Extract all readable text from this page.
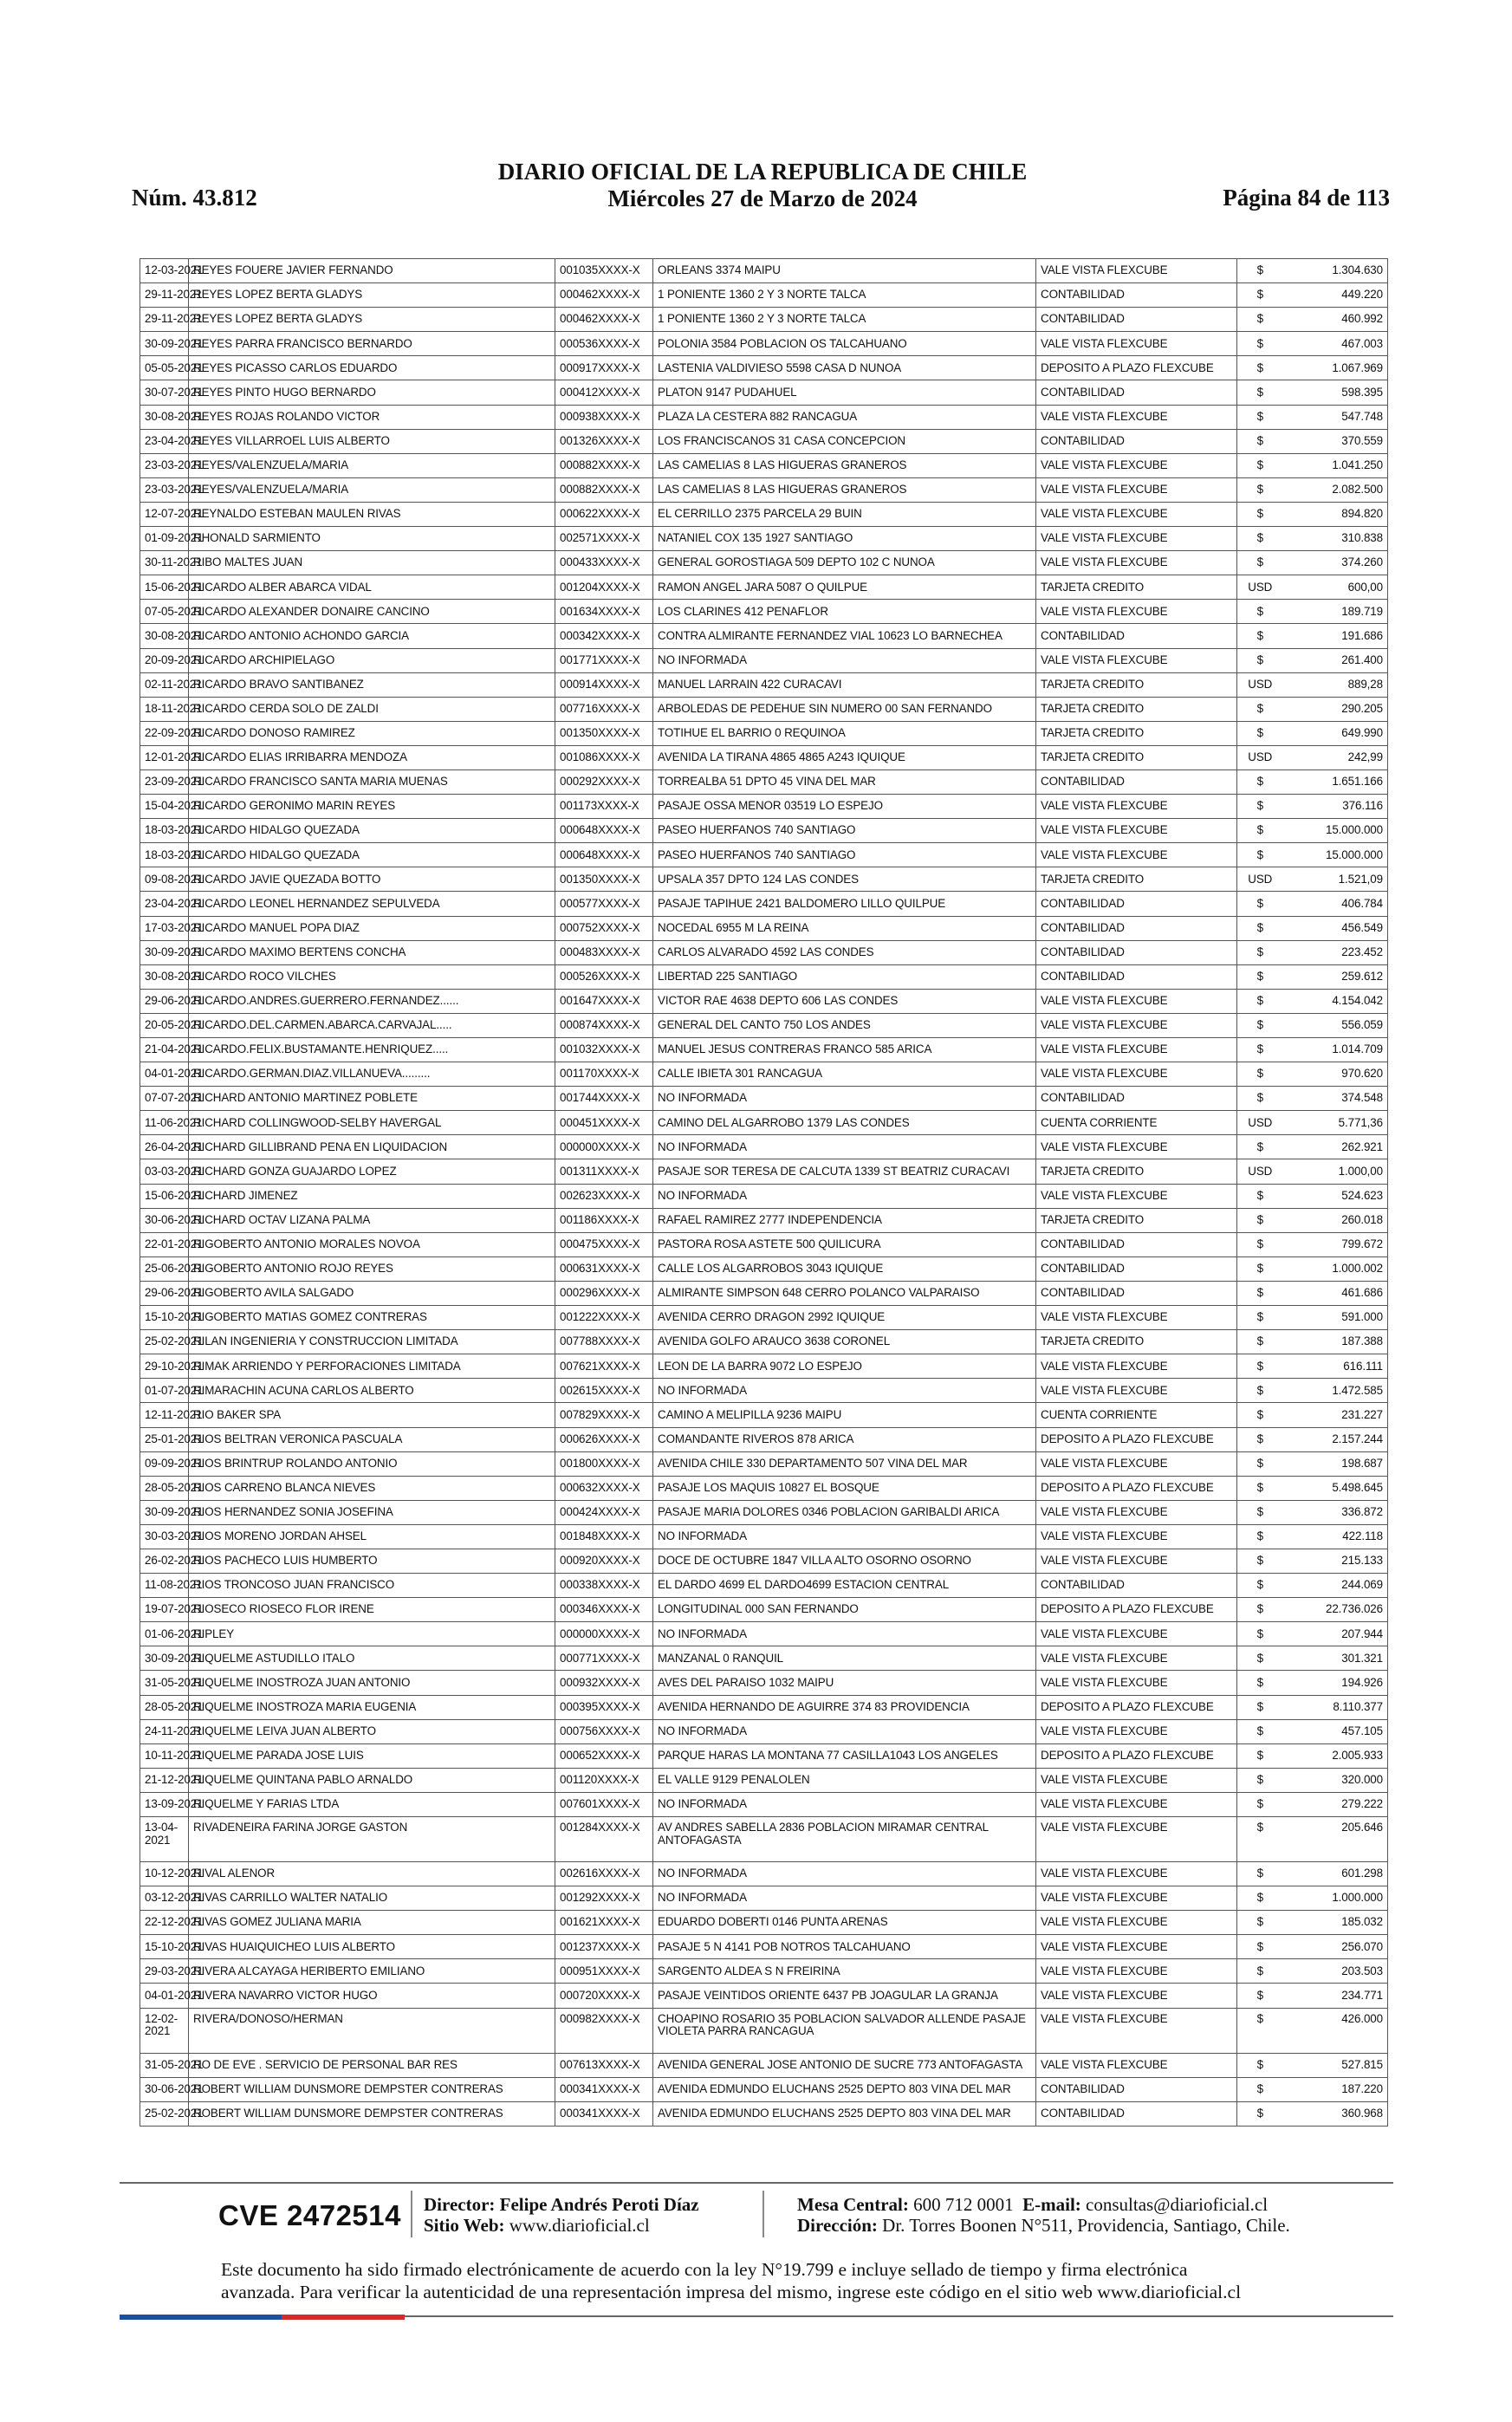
Núm. 43.812
DIARIO OFICIAL DE LA REPUBLICA DE CHILE
Miércoles 27 de Marzo de 2024	Página 84 de 113
12-03-2021	REYES FOUERE JAVIER FERNANDO	001035XXXX-X	ORLEANS 3374 MAIPU	VALE VISTA FLEXCUBE	$	1.304.630
29-11-2021	REYES LOPEZ BERTA GLADYS	000462XXXX-X	1 PONIENTE 1360 2 Y 3 NORTE TALCA	CONTABILIDAD	$	449.220
29-11-2021	REYES LOPEZ BERTA GLADYS	000462XXXX-X	1 PONIENTE 1360 2 Y 3 NORTE TALCA	CONTABILIDAD	$	460.992
30-09-2021	REYES PARRA FRANCISCO BERNARDO	000536XXXX-X	POLONIA 3584 POBLACION OS TALCAHUANO	VALE VISTA FLEXCUBE	$	467.003
05-05-2021	REYES PICASSO CARLOS EDUARDO	000917XXXX-X	LASTENIA VALDIVIESO 5598 CASA D NUNOA	DEPOSITO A PLAZO FLEXCUBE	$	1.067.969
30-07-2021	REYES PINTO HUGO BERNARDO	000412XXXX-X	PLATON 9147 PUDAHUEL	CONTABILIDAD	$	598.395
30-08-2021	REYES ROJAS ROLANDO VICTOR	000938XXXX-X	PLAZA LA CESTERA 882 RANCAGUA	VALE VISTA FLEXCUBE	$	547.748
23-04-2021	REYES VILLARROEL LUIS ALBERTO	001326XXXX-X	LOS FRANCISCANOS 31 CASA CONCEPCION	CONTABILIDAD	$	370.559
23-03-2021	REYES/VALENZUELA/MARIA	000882XXXX-X	LAS CAMELIAS 8 LAS HIGUERAS GRANEROS	VALE VISTA FLEXCUBE	$	1.041.250
23-03-2021	REYES/VALENZUELA/MARIA	000882XXXX-X	LAS CAMELIAS 8 LAS HIGUERAS GRANEROS	VALE VISTA FLEXCUBE	$	2.082.500
12-07-2021	REYNALDO ESTEBAN MAULEN RIVAS	000622XXXX-X	EL CERRILLO 2375 PARCELA 29 BUIN	VALE VISTA FLEXCUBE	$	894.820
01-09-2021	RHONALD SARMIENTO	002571XXXX-X	NATANIEL COX 135 1927 SANTIAGO	VALE VISTA FLEXCUBE	$	310.838
30-11-2021	RIBO MALTES JUAN	000433XXXX-X	GENERAL GOROSTIAGA 509 DEPTO 102 C NUNOA	VALE VISTA FLEXCUBE	$	374.260
15-06-2021	RICARDO ALBER ABARCA VIDAL	001204XXXX-X	RAMON ANGEL JARA 5087 O QUILPUE	TARJETA CREDITO	USD	600,00
07-05-2021	RICARDO ALEXANDER DONAIRE CANCINO	001634XXXX-X	LOS CLARINES 412 PENAFLOR	VALE VISTA FLEXCUBE	$	189.719
30-08-2021	RICARDO ANTONIO ACHONDO GARCIA	000342XXXX-X	CONTRA ALMIRANTE FERNANDEZ VIAL 10623 LO BARNECHEA	CONTABILIDAD	$	191.686
20-09-2021	RICARDO ARCHIPIELAGO	001771XXXX-X	NO INFORMADA	VALE VISTA FLEXCUBE	$	261.400
02-11-2021	RICARDO BRAVO SANTIBANEZ	000914XXXX-X	MANUEL LARRAIN 422 CURACAVI	TARJETA CREDITO	USD	889,28
18-11-2021	RICARDO CERDA SOLO DE ZALDI	007716XXXX-X	ARBOLEDAS DE PEDEHUE SIN NUMERO 00 SAN FERNANDO	TARJETA CREDITO	$	290.205
22-09-2021	RICARDO DONOSO RAMIREZ	001350XXXX-X	TOTIHUE EL BARRIO 0 REQUINOA	TARJETA CREDITO	$	649.990
12-01-2021	RICARDO ELIAS IRRIBARRA MENDOZA	001086XXXX-X	AVENIDA LA TIRANA 4865 4865 A243 IQUIQUE	TARJETA CREDITO	USD	242,99
23-09-2021	RICARDO FRANCISCO SANTA MARIA MUENAS	000292XXXX-X	TORREALBA 51 DPTO 45 VINA DEL MAR	CONTABILIDAD	$	1.651.166
15-04-2021	RICARDO GERONIMO MARIN REYES	001173XXXX-X	PASAJE OSSA MENOR 03519 LO ESPEJO	VALE VISTA FLEXCUBE	$	376.116
18-03-2021	RICARDO HIDALGO QUEZADA	000648XXXX-X	PASEO HUERFANOS 740 SANTIAGO	VALE VISTA FLEXCUBE	$	15.000.000
18-03-2021	RICARDO HIDALGO QUEZADA	000648XXXX-X	PASEO HUERFANOS 740 SANTIAGO	VALE VISTA FLEXCUBE	$	15.000.000
09-08-2021	RICARDO JAVIE QUEZADA BOTTO	001350XXXX-X	UPSALA 357 DPTO 124 LAS CONDES	TARJETA CREDITO	USD	1.521,09
23-04-2021	RICARDO LEONEL HERNANDEZ SEPULVEDA	000577XXXX-X	PASAJE TAPIHUE 2421 BALDOMERO LILLO QUILPUE	CONTABILIDAD	$	406.784
17-03-2021	RICARDO MANUEL POPA DIAZ	000752XXXX-X	NOCEDAL 6955 M LA REINA	CONTABILIDAD	$	456.549
30-09-2021	RICARDO MAXIMO BERTENS CONCHA	000483XXXX-X	CARLOS ALVARADO 4592 LAS CONDES	CONTABILIDAD	$	223.452
30-08-2021	RICARDO ROCO VILCHES	000526XXXX-X	LIBERTAD 225 SANTIAGO	CONTABILIDAD	$	259.612
29-06-2021	RICARDO.ANDRES.GUERRERO.FERNANDEZ......	001647XXXX-X	VICTOR RAE 4638 DEPTO 606 LAS CONDES	VALE VISTA FLEXCUBE	$	4.154.042
20-05-2021	RICARDO.DEL.CARMEN.ABARCA.CARVAJAL.....	000874XXXX-X	GENERAL DEL CANTO 750 LOS ANDES	VALE VISTA FLEXCUBE	$	556.059
21-04-2021	RICARDO.FELIX.BUSTAMANTE.HENRIQUEZ.....	001032XXXX-X	MANUEL JESUS CONTRERAS FRANCO 585 ARICA	VALE VISTA FLEXCUBE	$	1.014.709
04-01-2021	RICARDO.GERMAN.DIAZ.VILLANUEVA.........	001170XXXX-X	CALLE IBIETA 301 RANCAGUA	VALE VISTA FLEXCUBE	$	970.620
07-07-2021	RICHARD ANTONIO MARTINEZ POBLETE	001744XXXX-X	NO INFORMADA	CONTABILIDAD	$	374.548
11-06-2021	RICHARD COLLINGWOOD-SELBY HAVERGAL	000451XXXX-X	CAMINO DEL ALGARROBO 1379 LAS CONDES	CUENTA CORRIENTE	USD	5.771,36
26-04-2021	RICHARD GILLIBRAND PENA EN LIQUIDACION	000000XXXX-X	NO INFORMADA	VALE VISTA FLEXCUBE	$	262.921
03-03-2021	RICHARD GONZA GUAJARDO LOPEZ	001311XXXX-X	PASAJE SOR TERESA DE CALCUTA 1339 ST BEATRIZ CURACAVI	TARJETA CREDITO	USD	1.000,00
15-06-2021	RICHARD JIMENEZ	002623XXXX-X	NO INFORMADA	VALE VISTA FLEXCUBE	$	524.623
30-06-2021	RICHARD OCTAV LIZANA PALMA	001186XXXX-X	RAFAEL RAMIREZ 2777 INDEPENDENCIA	TARJETA CREDITO	$	260.018
22-01-2021	RIGOBERTO ANTONIO MORALES NOVOA	000475XXXX-X	PASTORA ROSA ASTETE 500 QUILICURA	CONTABILIDAD	$	799.672
25-06-2021	RIGOBERTO ANTONIO ROJO REYES	000631XXXX-X	CALLE LOS ALGARROBOS 3043 IQUIQUE	CONTABILIDAD	$	1.000.002
29-06-2021	RIGOBERTO AVILA SALGADO	000296XXXX-X	ALMIRANTE SIMPSON 648 CERRO POLANCO VALPARAISO	CONTABILIDAD	$	461.686
15-10-2021	RIGOBERTO MATIAS GOMEZ CONTRERAS	001222XXXX-X	AVENIDA CERRO DRAGON 2992 IQUIQUE	VALE VISTA FLEXCUBE	$	591.000
25-02-2021	RILAN INGENIERIA Y CONSTRUCCION LIMITADA	007788XXXX-X	AVENIDA GOLFO ARAUCO 3638 CORONEL	TARJETA CREDITO	$	187.388
29-10-2021	RIMAK ARRIENDO Y PERFORACIONES LIMITADA	007621XXXX-X	LEON DE LA BARRA 9072 LO ESPEJO	VALE VISTA FLEXCUBE	$	616.111
01-07-2021	RIMARACHIN ACUNA CARLOS ALBERTO	002615XXXX-X	NO INFORMADA	VALE VISTA FLEXCUBE	$	1.472.585
12-11-2021	RIO BAKER SPA	007829XXXX-X	CAMINO A MELIPILLA 9236 MAIPU	CUENTA CORRIENTE	$	231.227
25-01-2021	RIOS BELTRAN VERONICA PASCUALA	000626XXXX-X	COMANDANTE RIVEROS 878 ARICA	DEPOSITO A PLAZO FLEXCUBE	$	2.157.244
09-09-2021	RIOS BRINTRUP ROLANDO ANTONIO	001800XXXX-X	AVENIDA CHILE 330 DEPARTAMENTO 507 VINA DEL MAR	VALE VISTA FLEXCUBE	$	198.687
28-05-2021	RIOS CARRENO BLANCA NIEVES	000632XXXX-X	PASAJE LOS MAQUIS 10827 EL BOSQUE	DEPOSITO A PLAZO FLEXCUBE	$	5.498.645
30-09-2021	RIOS HERNANDEZ SONIA JOSEFINA	000424XXXX-X	PASAJE MARIA DOLORES 0346 POBLACION GARIBALDI ARICA	VALE VISTA FLEXCUBE	$	336.872
30-03-2021	RIOS MORENO JORDAN AHSEL	001848XXXX-X	NO INFORMADA	VALE VISTA FLEXCUBE	$	422.118
26-02-2021	RIOS PACHECO LUIS HUMBERTO	000920XXXX-X	DOCE DE OCTUBRE 1847 VILLA ALTO OSORNO OSORNO	VALE VISTA FLEXCUBE	$	215.133
11-08-2021	RIOS TRONCOSO JUAN FRANCISCO	000338XXXX-X	EL DARDO 4699 EL DARDO4699 ESTACION CENTRAL	CONTABILIDAD	$	244.069
19-07-2021	RIOSECO RIOSECO FLOR IRENE	000346XXXX-X	LONGITUDINAL 000 SAN FERNANDO	DEPOSITO A PLAZO FLEXCUBE	$	22.736.026
01-06-2021	RIPLEY	000000XXXX-X	NO INFORMADA	VALE VISTA FLEXCUBE	$	207.944
30-09-2021	RIQUELME ASTUDILLO ITALO	000771XXXX-X	MANZANAL 0 RANQUIL	VALE VISTA FLEXCUBE	$	301.321
31-05-2021	RIQUELME INOSTROZA JUAN ANTONIO	000932XXXX-X	AVES DEL PARAISO 1032 MAIPU	VALE VISTA FLEXCUBE	$	194.926
28-05-2021	RIQUELME INOSTROZA MARIA EUGENIA	000395XXXX-X	AVENIDA HERNANDO DE AGUIRRE 374 83 PROVIDENCIA	DEPOSITO A PLAZO FLEXCUBE	$	8.110.377
24-11-2021	RIQUELME LEIVA JUAN ALBERTO	000756XXXX-X	NO INFORMADA	VALE VISTA FLEXCUBE	$	457.105
10-11-2021	RIQUELME PARADA JOSE LUIS	000652XXXX-X	PARQUE HARAS LA MONTANA 77 CASILLA1043 LOS ANGELES	DEPOSITO A PLAZO FLEXCUBE	$	2.005.933
21-12-2021	RIQUELME QUINTANA PABLO ARNALDO	001120XXXX-X	EL VALLE 9129 PENALOLEN	VALE VISTA FLEXCUBE	$	320.000
13-09-2021	RIQUELME Y FARIAS LTDA	007601XXXX-X	NO INFORMADA	VALE VISTA FLEXCUBE	$	279.222
13-04-2021	RIVADENEIRA FARINA JORGE GASTON	001284XXXX-X	AV ANDRES SABELLA 2836 POBLACION MIRAMAR CENTRAL ANTOFAGASTA	VALE VISTA FLEXCUBE	$	205.646
10-12-2021	RIVAL ALENOR	002616XXXX-X	NO INFORMADA	VALE VISTA FLEXCUBE	$	601.298
03-12-2021	RIVAS CARRILLO WALTER NATALIO	001292XXXX-X	NO INFORMADA	VALE VISTA FLEXCUBE	$	1.000.000
22-12-2021	RIVAS GOMEZ JULIANA MARIA	001621XXXX-X	EDUARDO DOBERTI 0146 PUNTA ARENAS	VALE VISTA FLEXCUBE	$	185.032
15-10-2021	RIVAS HUAIQUICHEO LUIS ALBERTO	001237XXXX-X	PASAJE 5 N 4141 POB NOTROS TALCAHUANO	VALE VISTA FLEXCUBE	$	256.070
29-03-2021	RIVERA ALCAYAGA HERIBERTO EMILIANO	000951XXXX-X	SARGENTO ALDEA S N FREIRINA	VALE VISTA FLEXCUBE	$	203.503
04-01-2021	RIVERA NAVARRO VICTOR HUGO	000720XXXX-X	PASAJE VEINTIDOS ORIENTE 6437 PB JOAGULAR LA GRANJA	VALE VISTA FLEXCUBE	$	234.771
12-02-2021	RIVERA/DONOSO/HERMAN	000982XXXX-X	CHOAPINO ROSARIO 35 POBLACION SALVADOR ALLENDE PASAJE VIOLETA PARRA RANCAGUA	VALE VISTA FLEXCUBE	$	426.000
31-05-2021	RO DE EVE . SERVICIO DE PERSONAL BAR RES	007613XXXX-X	AVENIDA GENERAL JOSE ANTONIO DE SUCRE 773 ANTOFAGASTA	VALE VISTA FLEXCUBE	$	527.815
30-06-2021	ROBERT WILLIAM DUNSMORE DEMPSTER CONTRERAS	000341XXXX-X	AVENIDA EDMUNDO ELUCHANS 2525 DEPTO 803 VINA DEL MAR	CONTABILIDAD	$	187.220
25-02-2021	ROBERT WILLIAM DUNSMORE DEMPSTER CONTRERAS	000341XXXX-X	AVENIDA EDMUNDO ELUCHANS 2525 DEPTO 803 VINA DEL MAR	CONTABILIDAD	$	360.968
CVE 2472514 Director: Felipe Andrés Peroti Díaz
Sitio Web: www.diarioficial.cl
Mesa Central: 600 712 0001 E-mail: consultas@diarioficial.cl
Dirección: Dr. Torres Boonen N°511, Providencia, Santiago, Chile.
Este documento ha sido firmado electrónicamente de acuerdo con la ley N°19.799 e incluye sellado de tiempo y firma electrónica
avanzada. Para verificar la autenticidad de una representación impresa del mismo, ingrese este código en el sitio web www.diarioficial.cl
